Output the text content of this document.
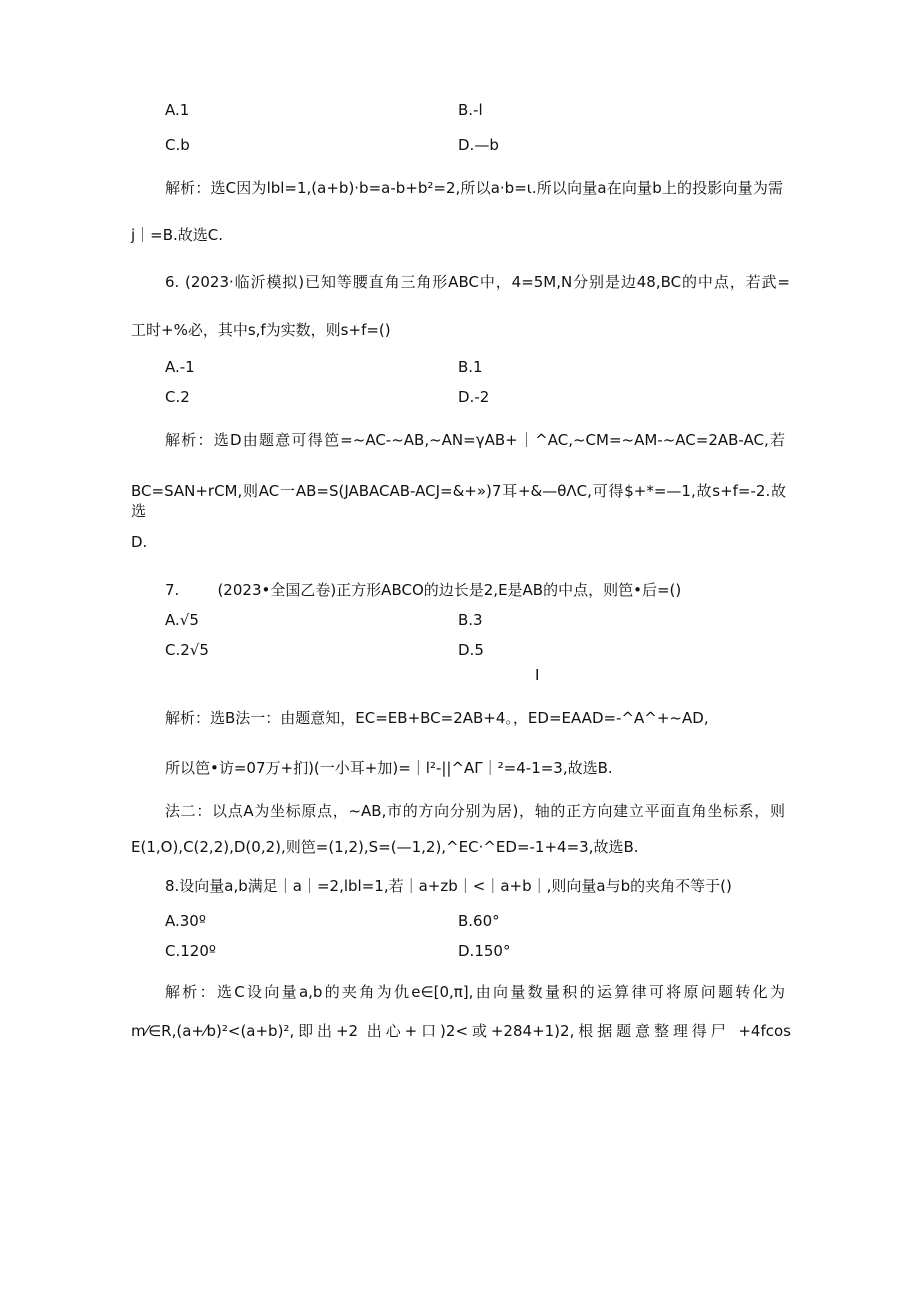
A.1	B.-l
C.b	D.—b
解析：选C因为lbl=1,(a+b)·b=a-b+b²=2,所以a·b=ι.所以向量a在向量b上的投影向量为需
j｜=B.故选C.
6. (2023·临沂模拟)已知等腰直角三角形ABC中，4=5M,N分别是边48,BC的中点，若武=
工时+%必，其中s,f为实数，则s+f=()
A.-1	B.1
C.2	D.-2
解析：选D由题意可得笆=~AC-~AB,~AN=γAB+｜^AC,~CM=~AM-~AC=2AB-AC,若
BC=SAN+rCM,则AC一AB=S(JABACAB-ACJ=&+»)7耳+&—θΛC,可得$+*=—1,故s+f=-2.故选
D.
7.        (2023•全国乙卷)正方形ABCO的边长是2,E是AB的中点，则笆•后=()
A.√5	B.3
C.2√5	D.5
I
解析：选B法一：由题意知，EC=EB+BC=2AB+4。，ED=EAAD=-^A^+~AD,
所以笆•访=07万+扪)(一小耳+加)=｜l²-||^AΓ｜²=4-1=3,故选B.
法二：以点A为坐标原点，~AB,市的方向分别为居)，轴的正方向建立平面直角坐标系，则
E(1,O),C(2,2),D(0,2),则笆=(1,2),S=(—1,2),^EC·^ED=-1+4=3,故选B.
8.设向量a,b满足｜a｜=2,lbl=1,若｜a+zb｜<｜a+b｜,则向量a与b的夹角不等于()
A.30º	B.60°
C.120º	D.150°
解析：选C设向量a,b的夹角为仇e∈[0,π],由向量数量积的运算律可将原问题转化为
m⁄∈R,(a+⁄b)²<(a+b)²,即出+2 出心+口)2<或+284+1)2,根据题意整理得尸 +4fcos
